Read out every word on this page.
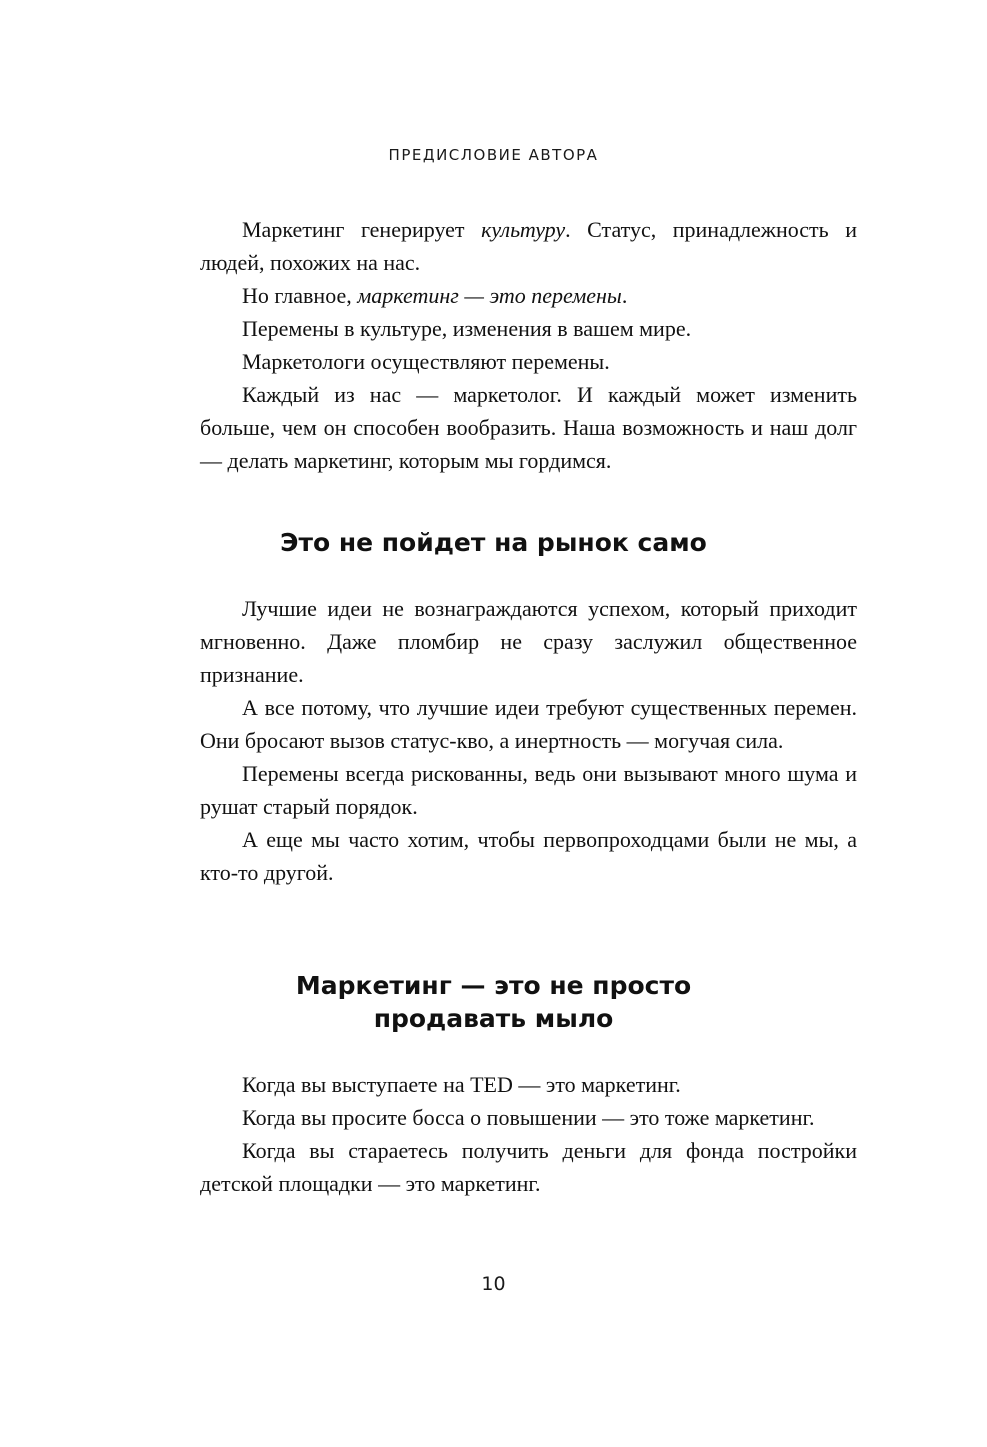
ПРЕДИСЛОВИЕ АВТОРА

Маркетинг генерирует культуру. Статус, принадлежность и людей, похожих на нас.

Но главное, маркетинг — это перемены.

Перемены в культуре, изменения в вашем мире.

Маркетологи осуществляют перемены.

Каждый из нас — маркетолог. И каждый может изменить больше, чем он способен вообразить. Наша возможность и наш долг — делать маркетинг, которым мы гордимся.

Это не пойдет на рынок само

Лучшие идеи не вознаграждаются успехом, который приходит мгновенно. Даже пломбир не сразу заслужил общественное признание.

А все потому, что лучшие идеи требуют существенных перемен. Они бросают вызов статус-кво, а инертность — могучая сила.

Перемены всегда рискованны, ведь они вызывают много шума и рушат старый порядок.

А еще мы часто хотим, чтобы первопроходцами были не мы, а кто-то другой.

Маркетинг — это не просто
продавать мыло

Когда вы выступаете на TED — это маркетинг.

Когда вы просите босса о повышении — это тоже маркетинг.

Когда вы стараетесь получить деньги для фонда постройки детской площадки — это маркетинг.

10
